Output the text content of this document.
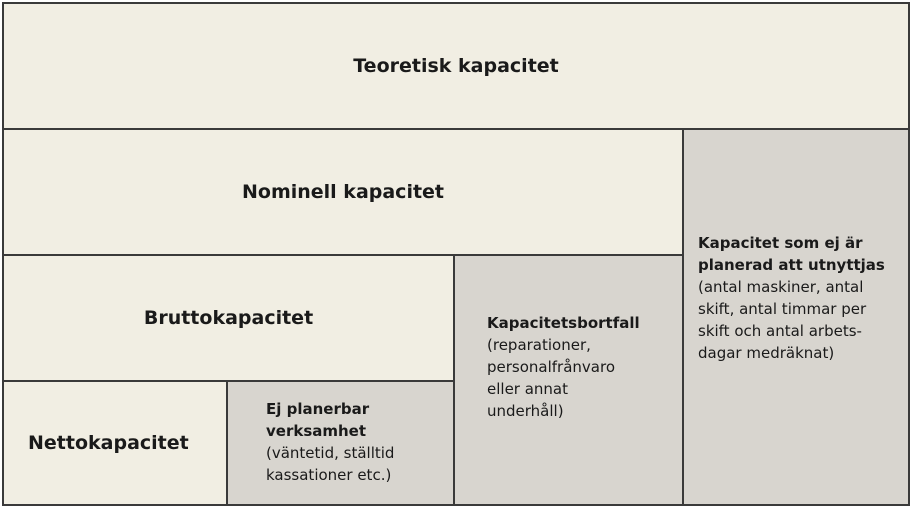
Teoretisk kapacitet
Nominell kapacitet
Kapacitet som ej är
planerad att utnyttjas
(antal maskiner, antal
skift, antal timmar per
skift och antal arbets-
dagar medräknat)
Bruttokapacitet	Kapacitetsbortfall
(reparationer,
personalfrånvaro
eller annat
underhåll)
Nettokapacitet
Ej planerbar
verksamhet
(väntetid, ställtid
kassationer etc.)
